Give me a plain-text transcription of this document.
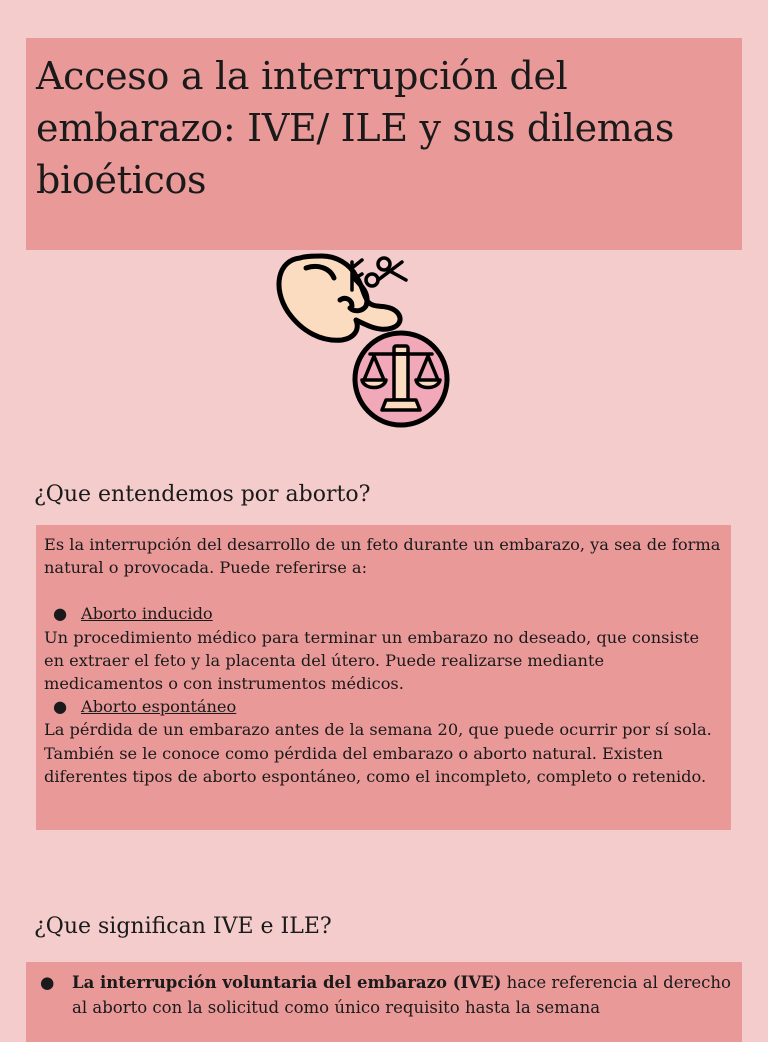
Acceso a la interrupción del embarazo: IVE/ ILE y sus dilemas bioéticos
¿Que entendemos por aborto?

Es la interrupción del desarrollo de un feto durante un embarazo, ya sea de forma natural o provocada. Puede referirse a:

● Aborto inducido

Un procedimiento médico para terminar un embarazo no deseado, que consiste en extraer el feto y la placenta del útero. Puede realizarse mediante medicamentos o con instrumentos médicos.

● Aborto espontáneo

La pérdida de un embarazo antes de la semana 20, que puede ocurrir por sí sola. También se le conoce como pérdida del embarazo o aborto natural. Existen diferentes tipos de aborto espontáneo, como el incompleto, completo o retenido.

¿Que significan IVE e ILE?
●	La interrupción voluntaria del embarazo (IVE) hace referencia al derecho al aborto con la solicitud como único requisito hasta la semana
